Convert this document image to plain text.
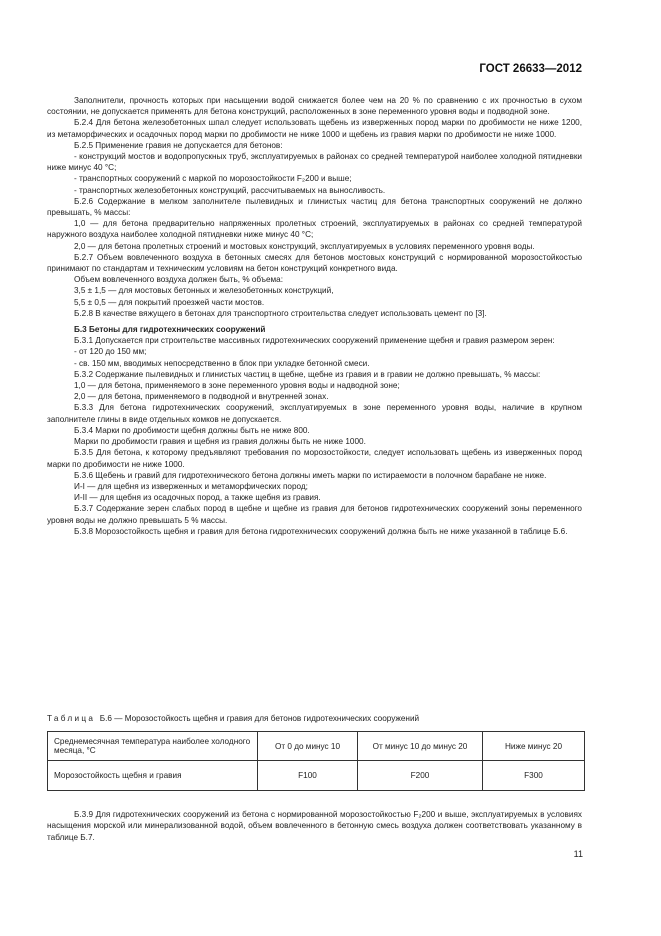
ГОСТ 26633—2012

Заполнители, прочность которых при насыщении водой снижается более чем на 20 % по сравнению с их прочностью в сухом состоянии, не допускается применять для бетона конструкций, расположенных в зоне переменного уровня воды и подводной зоне.

Б.2.4 Для бетона железобетонных шпал следует использовать щебень из изверженных пород марки по дробимости не ниже 1200, из метаморфических и осадочных пород марки по дробимости не ниже 1000 и щебень из гравия марки по дробимости не ниже 1000.

Б.2.5 Применение гравия не допускается для бетонов:

- конструкций мостов и водопропускных труб, эксплуатируемых в районах со средней температурой наиболее холодной пятидневки ниже минус 40 °С;

- транспортных сооружений с маркой по морозостойкости F₂200 и выше;

- транспортных железобетонных конструкций, рассчитываемых на выносливость.

Б.2.6 Содержание в мелком заполнителе пылевидных и глинистых частиц для бетона транспортных сооружений не должно превышать, % массы:

1,0 — для бетона предварительно напряженных пролетных строений, эксплуатируемых в районах со средней температурой наружного воздуха наиболее холодной пятидневки ниже минус 40 °С;

2,0 — для бетона пролетных строений и мостовых конструкций, эксплуатируемых в условиях переменного уровня воды.

Б.2.7 Объем вовлеченного воздуха в бетонных смесях для бетонов мостовых конструкций с нормированной морозостойкостью принимают по стандартам и техническим условиям на бетон конструкций конкретного вида.

Объем вовлеченного воздуха должен быть, % объема:

3,5 ± 1,5 — для мостовых бетонных и железобетонных конструкций,

5,5 ± 0,5 — для покрытий проезжей части мостов.

Б.2.8 В качестве вяжущего в бетонах для транспортного строительства следует использовать цемент по [3].

Б.3 Бетоны для гидротехнических сооружений

Б.3.1 Допускается при строительстве массивных гидротехнических сооружений применение щебня и гравия размером зерен:

- от 120 до 150 мм;

- св. 150 мм, вводимых непосредственно в блок при укладке бетонной смеси.

Б.3.2 Содержание пылевидных и глинистых частиц в щебне, щебне из гравия и в гравии не должно превышать, % массы:

1,0 — для бетона, применяемого в зоне переменного уровня воды и надводной зоне;

2,0 — для бетона, применяемого в подводной и внутренней зонах.

Б.3.3 Для бетона гидротехнических сооружений, эксплуатируемых в зоне переменного уровня воды, наличие в крупном заполнителе глины в виде отдельных комков не допускается.

Б.3.4 Марки по дробимости щебня должны быть не ниже 800.

Марки по дробимости гравия и щебня из гравия должны быть не ниже 1000.

Б.3.5 Для бетона, к которому предъявляют требования по морозостойкости, следует использовать щебень из изверженных пород марки по дробимости не ниже 1000.

Б.3.6 Щебень и гравий для гидротехнического бетона должны иметь марки по истираемости в полочном барабане не ниже.

И-I — для щебня из изверженных и метаморфических пород;

И-II — для щебня из осадочных пород, а также щебня из гравия.

Б.3.7 Содержание зерен слабых пород в щебне и щебне из гравия для бетонов гидротехнических сооружений зоны переменного уровня воды не должно превышать 5 % массы.

Б.3.8 Морозостойкость щебня и гравия для бетона гидротехнических сооружений должна быть не ниже указанной в таблице Б.6.

Таблица Б.6 — Морозостойкость щебня и гравия для бетонов гидротехнических сооружений
Среднемесячная температура наиболее холодного месяца, °С	От 0 до минус 10	От минус 10 до минус 20	Ниже минус 20
Морозостойкость щебня и гравия	F100	F200	F300

Б.3.9 Для гидротехнических сооружений из бетона с нормированной морозостойкостью F₂200 и выше, эксплуатируемых в условиях насыщения морской или минерализованной водой, объем вовлеченного в бетонную смесь воздуха должен соответствовать указанному в таблице Б.7.

11
